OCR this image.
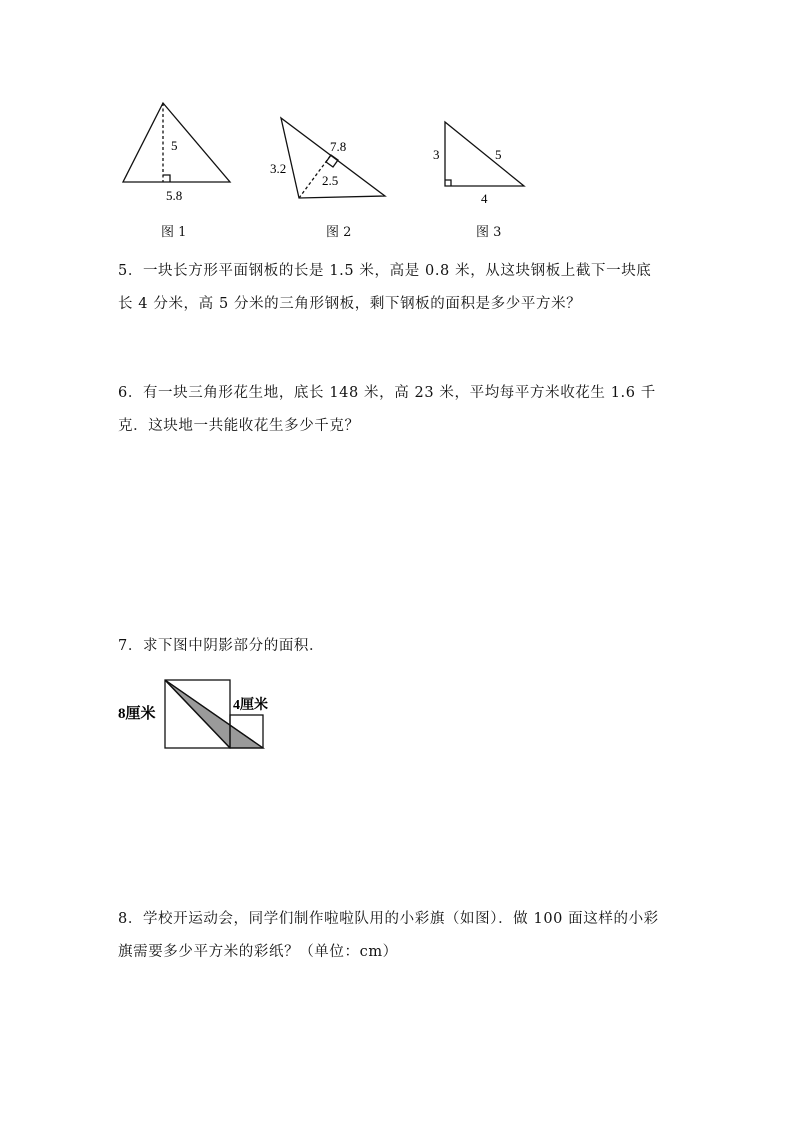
5
5.8
3.2
7.8
2.5
3	5
4
图 1	图 2	图 3

5．一块长方形平面钢板的长是 1.5 米，高是 0.8 米，从这块钢板上截下一块底

长 4 分米，高 5 分米的三角形钢板，剩下钢板的面积是多少平方米？

6．有一块三角形花生地，底长 148 米，高 23 米，平均每平方米收花生 1.6 千

克．这块地一共能收花生多少千克？

7．求下图中阴影部分的面积．

8厘米
4厘米

8．学校开运动会，同学们制作啦啦队用的小彩旗（如图）．做 100 面这样的小彩

旗需要多少平方米的彩纸？（单位：cm）
